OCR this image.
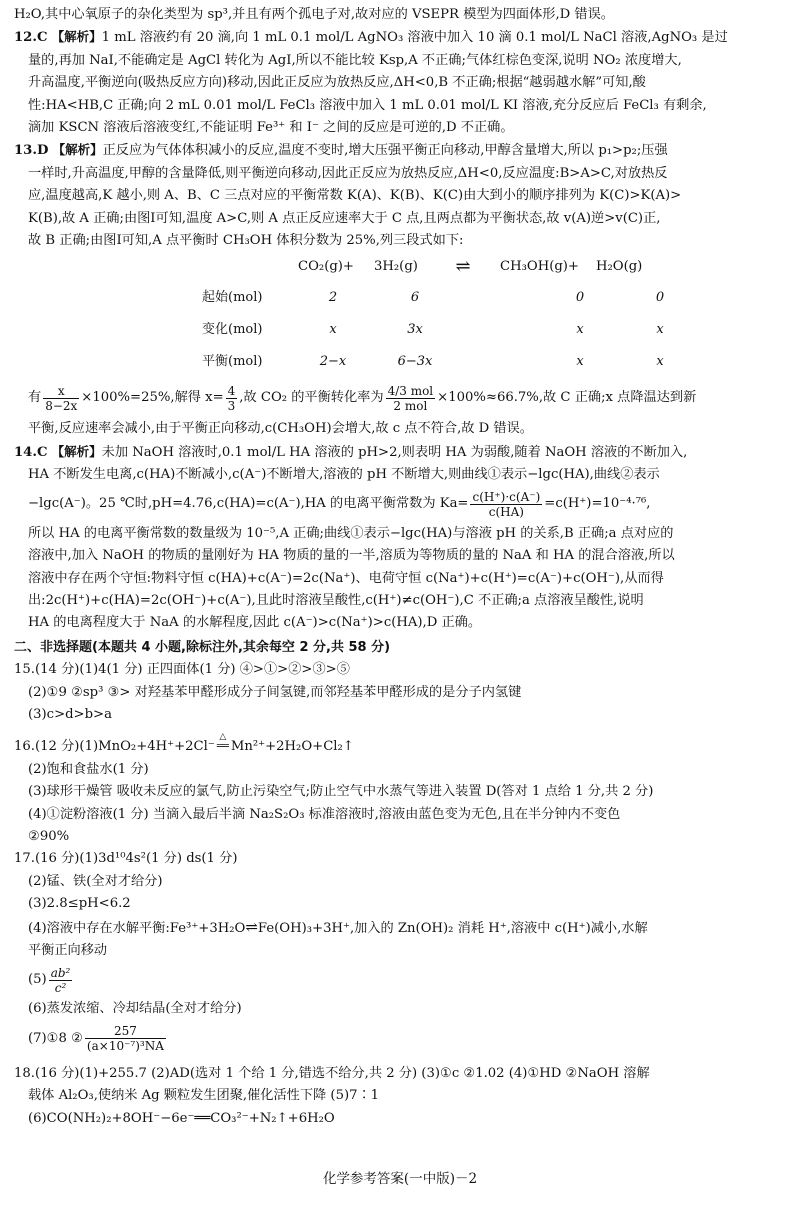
H₂O,其中心氧原子的杂化类型为 sp³,并且有两个孤电子对,故对应的 VSEPR 模型为四面体形,D 错误。

12.C 【解析】1 mL 溶液约有 20 滴,向 1 mL 0.1 mol/L AgNO₃ 溶液中加入 10 滴 0.1 mol/L NaCl 溶液,AgNO₃ 是过

量的,再加 NaI,不能确定是 AgCl 转化为 AgI,所以不能比较 Ksp,A 不正确;气体红棕色变深,说明 NO₂ 浓度增大,

升高温度,平衡逆向(吸热反应方向)移动,因此正反应为放热反应,ΔH<0,B 不正确;根据“越弱越水解”可知,酸

性:HA<HB,C 正确;向 2 mL 0.01 mol/L FeCl₃ 溶液中加入 1 mL 0.01 mol/L KI 溶液,充分反应后 FeCl₃ 有剩余,

滴加 KSCN 溶液后溶液变红,不能证明 Fe³⁺ 和 I⁻ 之间的反应是可逆的,D 不正确。

13.D 【解析】正反应为气体体积减小的反应,温度不变时,增大压强平衡正向移动,甲醇含量增大,所以 p₁>p₂;压强

一样时,升高温度,甲醇的含量降低,则平衡逆向移动,因此正反应为放热反应,ΔH<0,反应温度:B>A>C,对放热反

应,温度越高,K 越小,则 A、B、C 三点对应的平衡常数 K(A)、K(B)、K(C)由大到小的顺序排列为 K(C)>K(A)>

K(B),故 A 正确;由图Ⅰ可知,温度 A>C,则 A 点正反应速率大于 C 点,且两点都为平衡状态,故 v(A)逆>v(C)正,

故 B 正确;由图Ⅰ可知,A 点平衡时 CH₃OH 体积分数为 25%,列三段式如下:

CO₂(g)+	3H₂(g)	⇌	CH₃OH(g)+	H₂O(g)
起始(mol)	2	6		0	0
变化(mol)	x	3x		x	x
平衡(mol)	2−x	6−3x		x	x
有 $\frac{x}{8-2x} \times 100\%=25\%$ ,解得 $x= \frac{4}{3}$ ,故 CO₂ 的平衡转化率为 $\frac{\text{4/3 mol}}{\text{2 mol}} \times 100\%\approx 66.7\%$,故 C 正确;x 点降温达到新

平衡,反应速率会减小,由于平衡正向移动,c(CH₃OH)会增大,故 c 点不符合,故 D 错误。

14.C 【解析】未加 NaOH 溶液时,0.1 mol/L HA 溶液的 pH>2,则表明 HA 为弱酸,随着 NaOH 溶液的不断加入,

HA 不断发生电离,c(HA)不断减小,c(A⁻)不断增大,溶液的 pH 不断增大,则曲线①表示−lgc(HA),曲线②表示

−lgc(A⁻)。25 ℃时,pH=4.76,c(HA)=c(A⁻),HA 的电离平衡常数为 $Ka= \frac{c(H^+)\cdot c(A^-)}{c(HA)} =c(H^+)=10^{-4}\cdot^{76}$,

所以 HA 的电离平衡常数的数量级为 10⁻⁵,A 正确;曲线①表示−lgc(HA)与溶液 pH 的关系,B 正确;a 点对应的

溶液中,加入 NaOH 的物质的量刚好为 HA 物质的量的一半,溶质为等物质的量的 NaA 和 HA 的混合溶液,所以

溶液中存在两个守恒:物料守恒 c(HA)+c(A⁻)=2c(Na⁺)、电荷守恒 c(Na⁺)+c(H⁺)=c(A⁻)+c(OH⁻),从而得

出:2c(H⁺)+c(HA)=2c(OH⁻)+c(A⁻),且此时溶液呈酸性,c(H⁺)≠c(OH⁻),C 不正确;a 点溶液呈酸性,说明

HA 的电离程度大于 NaA 的水解程度,因此 c(A⁻)>c(Na⁺)>c(HA),D 正确。

二、非选择题(本题共 4 小题,除标注外,其余每空 2 分,共 58 分)

15.(14 分)(1)4(1 分) 正四面体(1 分) ④>①>②>③>⑤

(2)①9 ②sp³ ③> 对羟基苯甲醛形成分子间氢键,而邻羟基苯甲醛形成的是分子内氢键

(3)c>d>b>a

16.(12 分)(1)MnO₂+4H⁺+2Cl⁻
△
══ Mn²⁺+2H₂O+Cl₂↑

(2)饱和食盐水(1 分)

(3)球形干燥管 吸收未反应的氯气,防止污染空气;防止空气中水蒸气等进入装置 D(答对 1 点给 1 分,共 2 分)

(4)①淀粉溶液(1 分) 当滴入最后半滴 Na₂S₂O₃ 标准溶液时,溶液由蓝色变为无色,且在半分钟内不变色

②90%

17.(16 分)(1)3d¹⁰4s²(1 分) ds(1 分)

(2)锰、铁(全对才给分)

(3)2.8≤pH<6.2

(4)溶液中存在水解平衡:Fe³⁺+3H₂O⇌Fe(OH)₃+3H⁺,加入的 Zn(OH)₂ 消耗 H⁺,溶液中 c(H⁺)减小,水解

平衡正向移动

$(5) \frac{\text{ab²}}{\text{c²}}$

(6)蒸发浓缩、冷却结晶(全对才给分)

(7)①8 ② $\frac{257}{\text{(a×10⁻⁷)³NA}}$

18.(16 分)(1)+255.7 (2)AD(选对 1 个给 1 分,错选不给分,共 2 分) (3)①c ②1.02 (4)①HD ②NaOH 溶解

载体 Al₂O₃,使纳米 Ag 颗粒发生团聚,催化活性下降 (5)7∶1

(6)CO(NH₂)₂+8OH⁻−6e⁻══CO₃²⁻+N₂↑+6H₂O

化学参考答案(一中版)－2
